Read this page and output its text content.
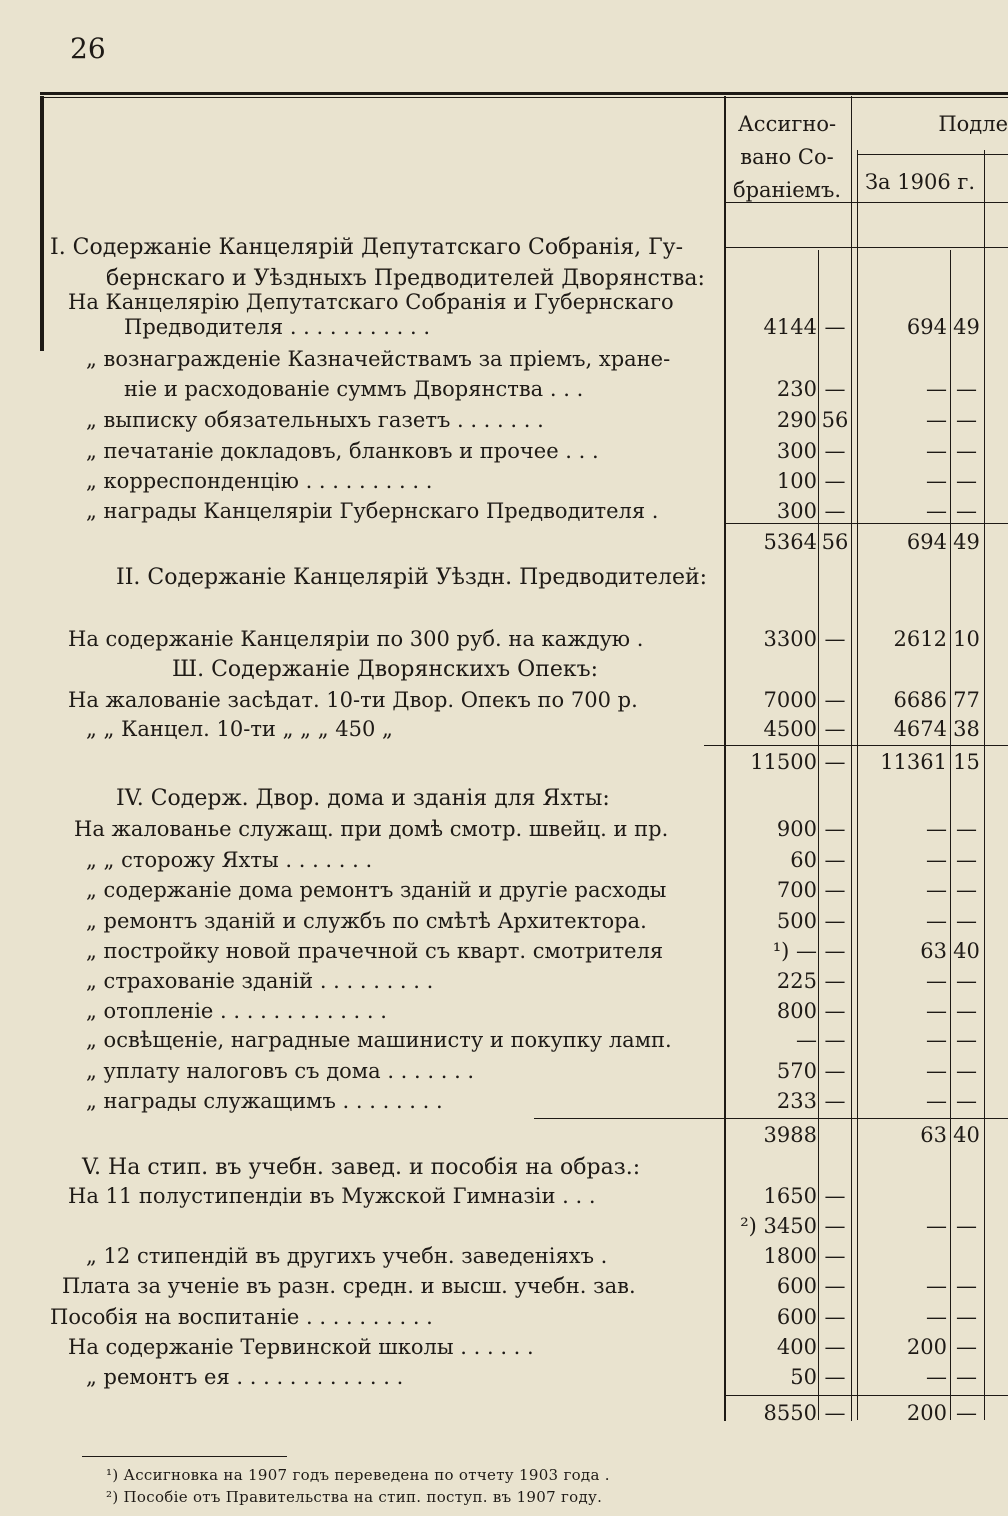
26
Ассигно-
вано Со-
браніемъ.
Подле
За 1906 г.
I. Содержаніе Канцелярій Депутатскаго Собранія, Гу-
бернскаго и Уѣздныхъ Предводителей Дворянства:
На Канцелярію Депутатскаго Собранія и Губернскаго
Предводителя . . . . . . . . . . .	4144 —	694 49
„ вознагражденіе Казначействамъ за пріемъ, хране-
ніе и расходованіе суммъ Дворянства . . .	230 —	— —
„ выписку обязательныхъ газетъ . . . . . . .	290 56	— —
„ печатаніе докладовъ, бланковъ и прочее . . .	300 —	— —
„ корреспонденцію . . . . . . . . . .	100 —	— —
„ награды Канцеляріи Губернскаго Предводителя .	300 —	— —
5364 56	694 49
II. Содержаніе Канцелярій Уѣздн. Предводителей:
На содержаніе Канцеляріи по 300 руб. на каждую .	3300 — 2612 10
Ш. Содержаніе Дворянскихъ Опекъ:
На жалованіе засѣдат. 10-ти Двор. Опекъ по 700 р.	7000 — 6686 77
„ „ Канцел. 10-ти „ „ „ 450 „	4500 — 4674 38
11500 — 11361 15
IV. Содерж. Двор. дома и зданія для Яхты:
На жалованье служащ. при домѣ смотр. швейц. и пр.	900 —	— —
„ „ сторожу Яхты . . . . . . .	60 —	— —
„ содержаніе дома ремонтъ зданій и другіе расходы	700 —	— —
„ ремонтъ зданій и службъ по смѣтѣ Архитектора.	500 —	— —
„ постройку новой прачечной съ кварт. смотрителя	¹) — —	63 40
„ страхованіе зданій . . . . . . . . .	225 —	— —
„ отопленіе . . . . . . . . . . . . .	800 —	— —
„ освѣщеніе, наградные машинисту и покупку ламп.	— —	— —
„ уплату налоговъ съ дома . . . . . . .	570 —	— —
„ награды служащимъ . . . . . . . .	233 —	— —
3988	63 40
V. На стип. въ учебн. завед. и пособія на образ.:
На 11 полустипендіи въ Мужской Гимназіи . . .	1650 —
²) 3450 —	— —
„ 12 стипендій въ другихъ учебн. заведеніяхъ .	1800 —
Плата за ученіе въ разн. средн. и высш. учебн. зав.	600 —	— —
Пособія на воспитаніе . . . . . . . . . .	600 —	— —
На содержаніе Тервинской школы . . . . . .	400 —	200 —
„ ремонтъ ея . . . . . . . . . . . . .	50 —	— —
8550 —	200 —
¹) Ассигновка на 1907 годъ переведена по отчету 1903 года .
²) Пособіе отъ Правительства на стип. поступ. въ 1907 году.
